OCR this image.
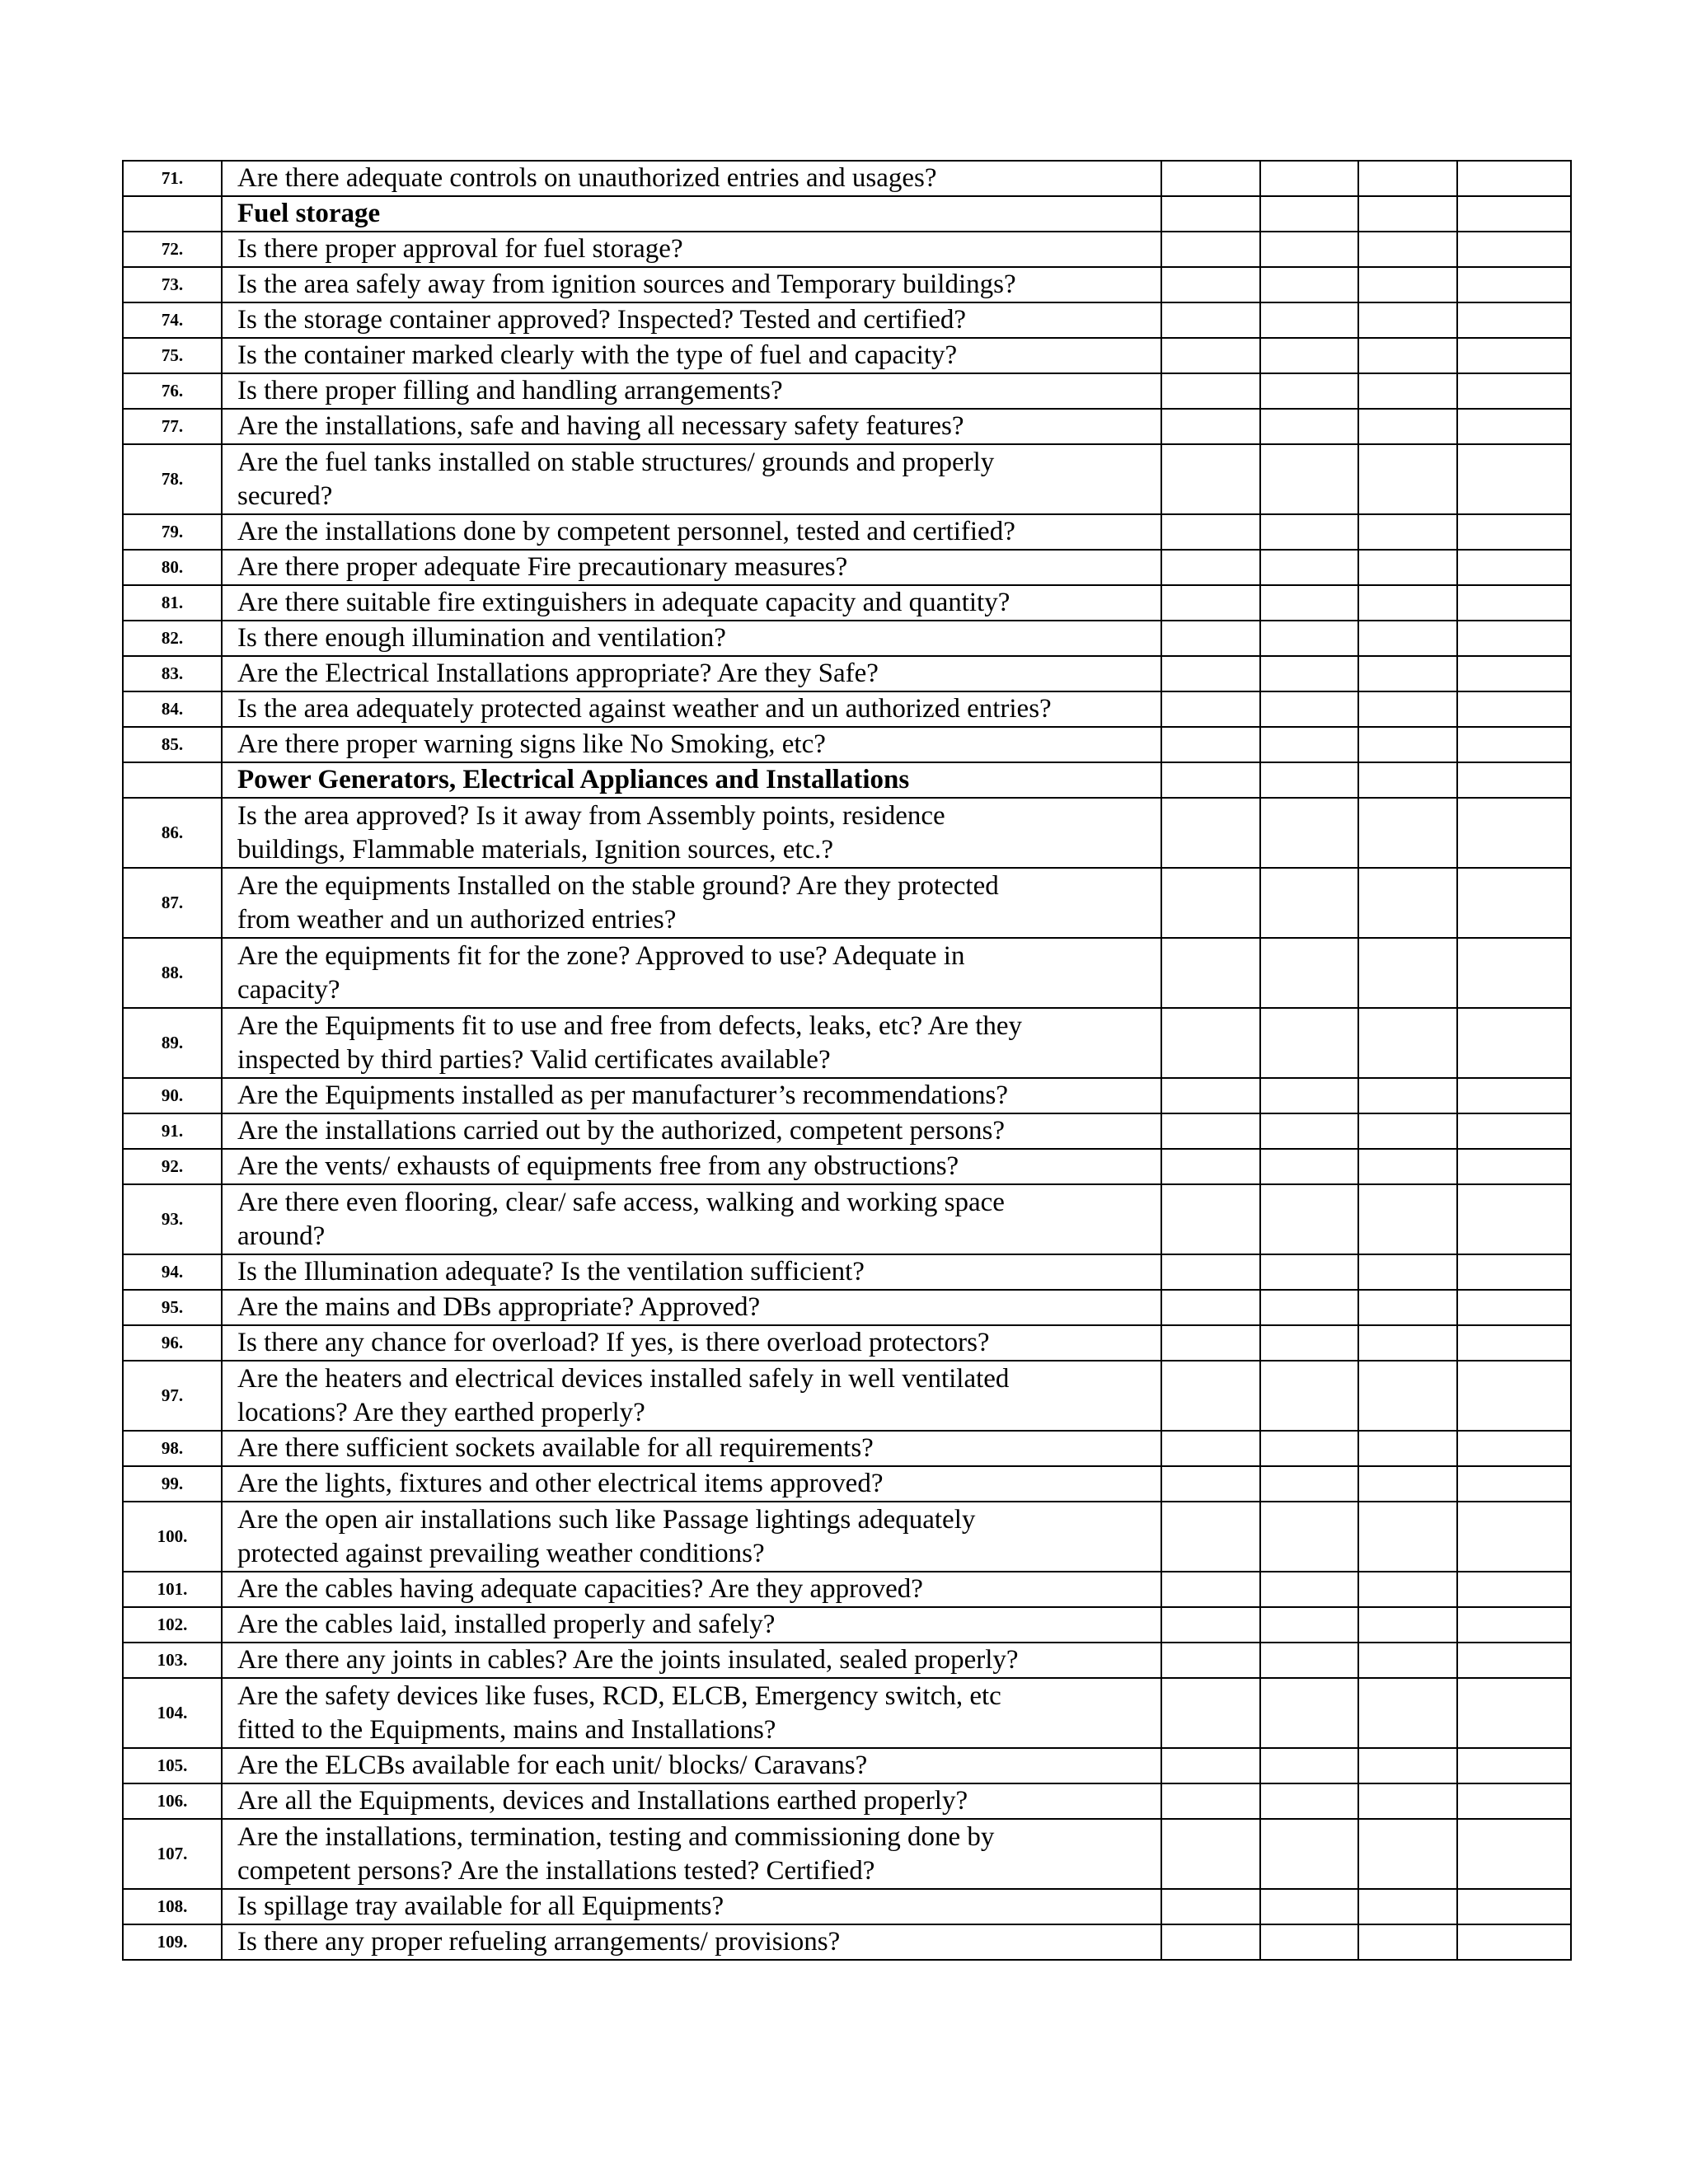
71.	Are there adequate controls on unauthorized entries and usages?				
	Fuel storage				
72.	Is there proper approval for fuel storage?				
73.	Is the area safely away from ignition sources and Temporary buildings?				
74.	Is the storage container approved? Inspected? Tested and certified?				
75.	Is the container marked clearly with the type of fuel and capacity?				
76.	Is there proper filling and handling arrangements?				
77.	Are the installations, safe and having all necessary safety features?				
78.	Are the fuel tanks installed on stable structures/ grounds and properly
secured?				
79.	Are the installations done by competent personnel, tested and certified?				
80.	Are there proper adequate Fire precautionary measures?				
81.	Are there suitable fire extinguishers in adequate capacity and quantity?				
82.	Is there enough illumination and ventilation?				
83.	Are the Electrical Installations appropriate? Are they Safe?				
84.	Is the area adequately protected against weather and un authorized entries?				
85.	Are there proper warning signs like No Smoking, etc?				
	Power Generators, Electrical Appliances and Installations				
86.	Is the area approved? Is it away from Assembly points, residence
buildings, Flammable materials, Ignition sources, etc.?				
87.	Are the equipments Installed on the stable ground? Are they protected
from weather and un authorized entries?				
88.	Are the equipments fit for the zone? Approved to use? Adequate in
capacity?				
89.	Are the Equipments fit to use and free from defects, leaks, etc? Are they
inspected by third parties? Valid certificates available?				
90.	Are the Equipments installed as per manufacturer’s recommendations?				
91.	Are the installations carried out by the authorized, competent persons?				
92.	Are the vents/ exhausts of equipments free from any obstructions?				
93.	Are there even flooring, clear/ safe access, walking and working space
around?				
94.	Is the Illumination adequate? Is the ventilation sufficient?				
95.	Are the mains and DBs appropriate? Approved?				
96.	Is there any chance for overload? If yes, is there overload protectors?				
97.	Are the heaters and electrical devices installed safely in well ventilated
locations? Are they earthed properly?				
98.	Are there sufficient sockets available for all requirements?				
99.	Are the lights, fixtures and other electrical items approved?				
100.	Are the open air installations such like Passage lightings adequately
protected against prevailing weather conditions?				
101.	Are the cables having adequate capacities? Are they approved?				
102.	Are the cables laid, installed properly and safely?				
103.	Are there any joints in cables? Are the joints insulated, sealed properly?				
104.	Are the safety devices like fuses, RCD, ELCB, Emergency switch, etc
fitted to the Equipments, mains and Installations?				
105.	Are the ELCBs available for each unit/ blocks/ Caravans?				
106.	Are all the Equipments, devices and Installations earthed properly?				
107.	Are the installations, termination, testing and commissioning done by
competent persons? Are the installations tested? Certified?				
108.	Is spillage tray available for all Equipments?				
109.	Is there any proper refueling arrangements/ provisions?				
